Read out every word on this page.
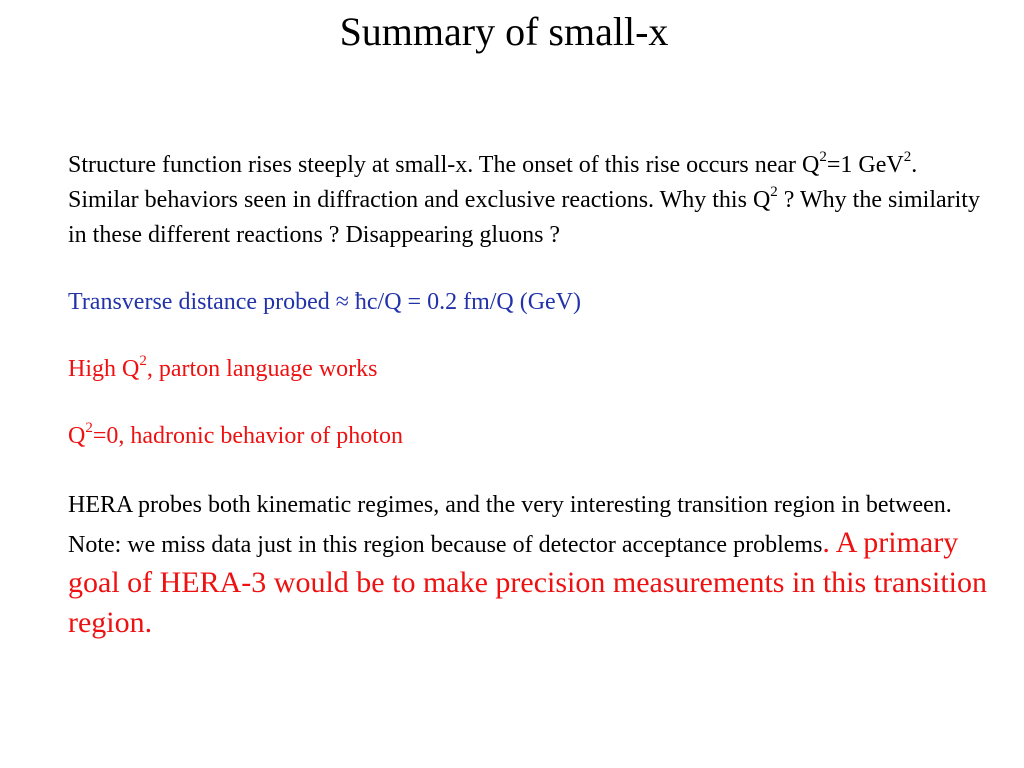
Summary of small-x

Structure function rises steeply at small-x. The onset of this rise occurs near $Q^2=1$ GeV$^2$. Similar behaviors seen in diffraction and exclusive reactions. Why this $Q^2$ ? Why the similarity in these different reactions ? Disappearing gluons ?

Transverse distance probed ≈ ħc/Q = 0.2 fm/Q (GeV)

High $Q^2$, parton language works

$Q^2=0$, hadronic behavior of photon

HERA probes both kinematic regimes, and the very interesting transition region in between. Note: we miss data just in this region because of detector acceptance problems. A primary goal of HERA-3 would be to make precision measurements in this transition region.
